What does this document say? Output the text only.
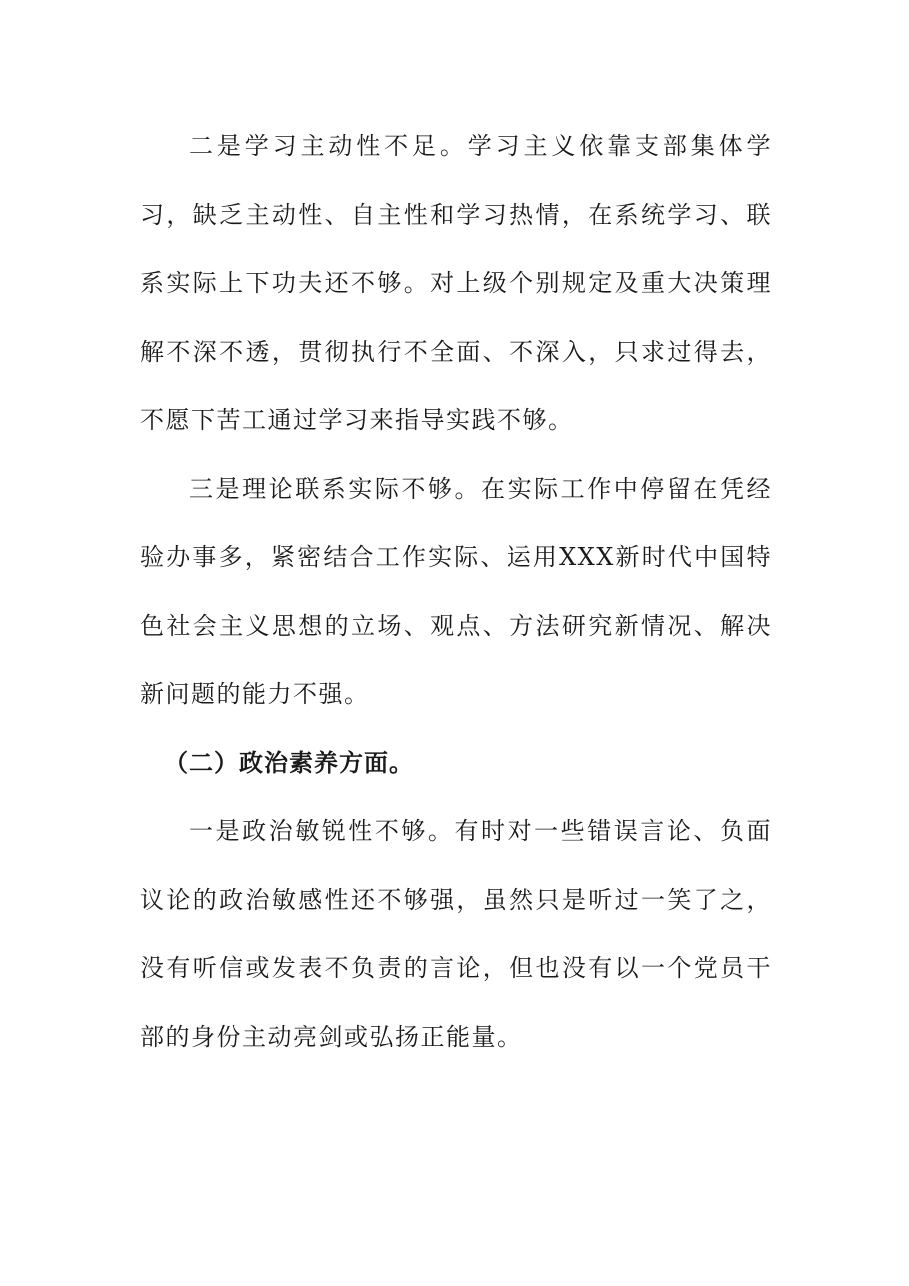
二是学习主动性不足。学习主义依靠支部集体学习，缺乏主动性、自主性和学习热情，在系统学习、联系实际上下功夫还不够。对上级个别规定及重大决策理解不深不透，贯彻执行不全面、不深入，只求过得去，不愿下苦工通过学习来指导实践不够。

三是理论联系实际不够。在实际工作中停留在凭经验办事多，紧密结合工作实际、运用XXX新时代中国特色社会主义思想的立场、观点、方法研究新情况、解决新问题的能力不强。

（二）政治素养方面。

一是政治敏锐性不够。有时对一些错误言论、负面议论的政治敏感性还不够强，虽然只是听过一笑了之，没有听信或发表不负责的言论，但也没有以一个党员干部的身份主动亮剑或弘扬正能量。
